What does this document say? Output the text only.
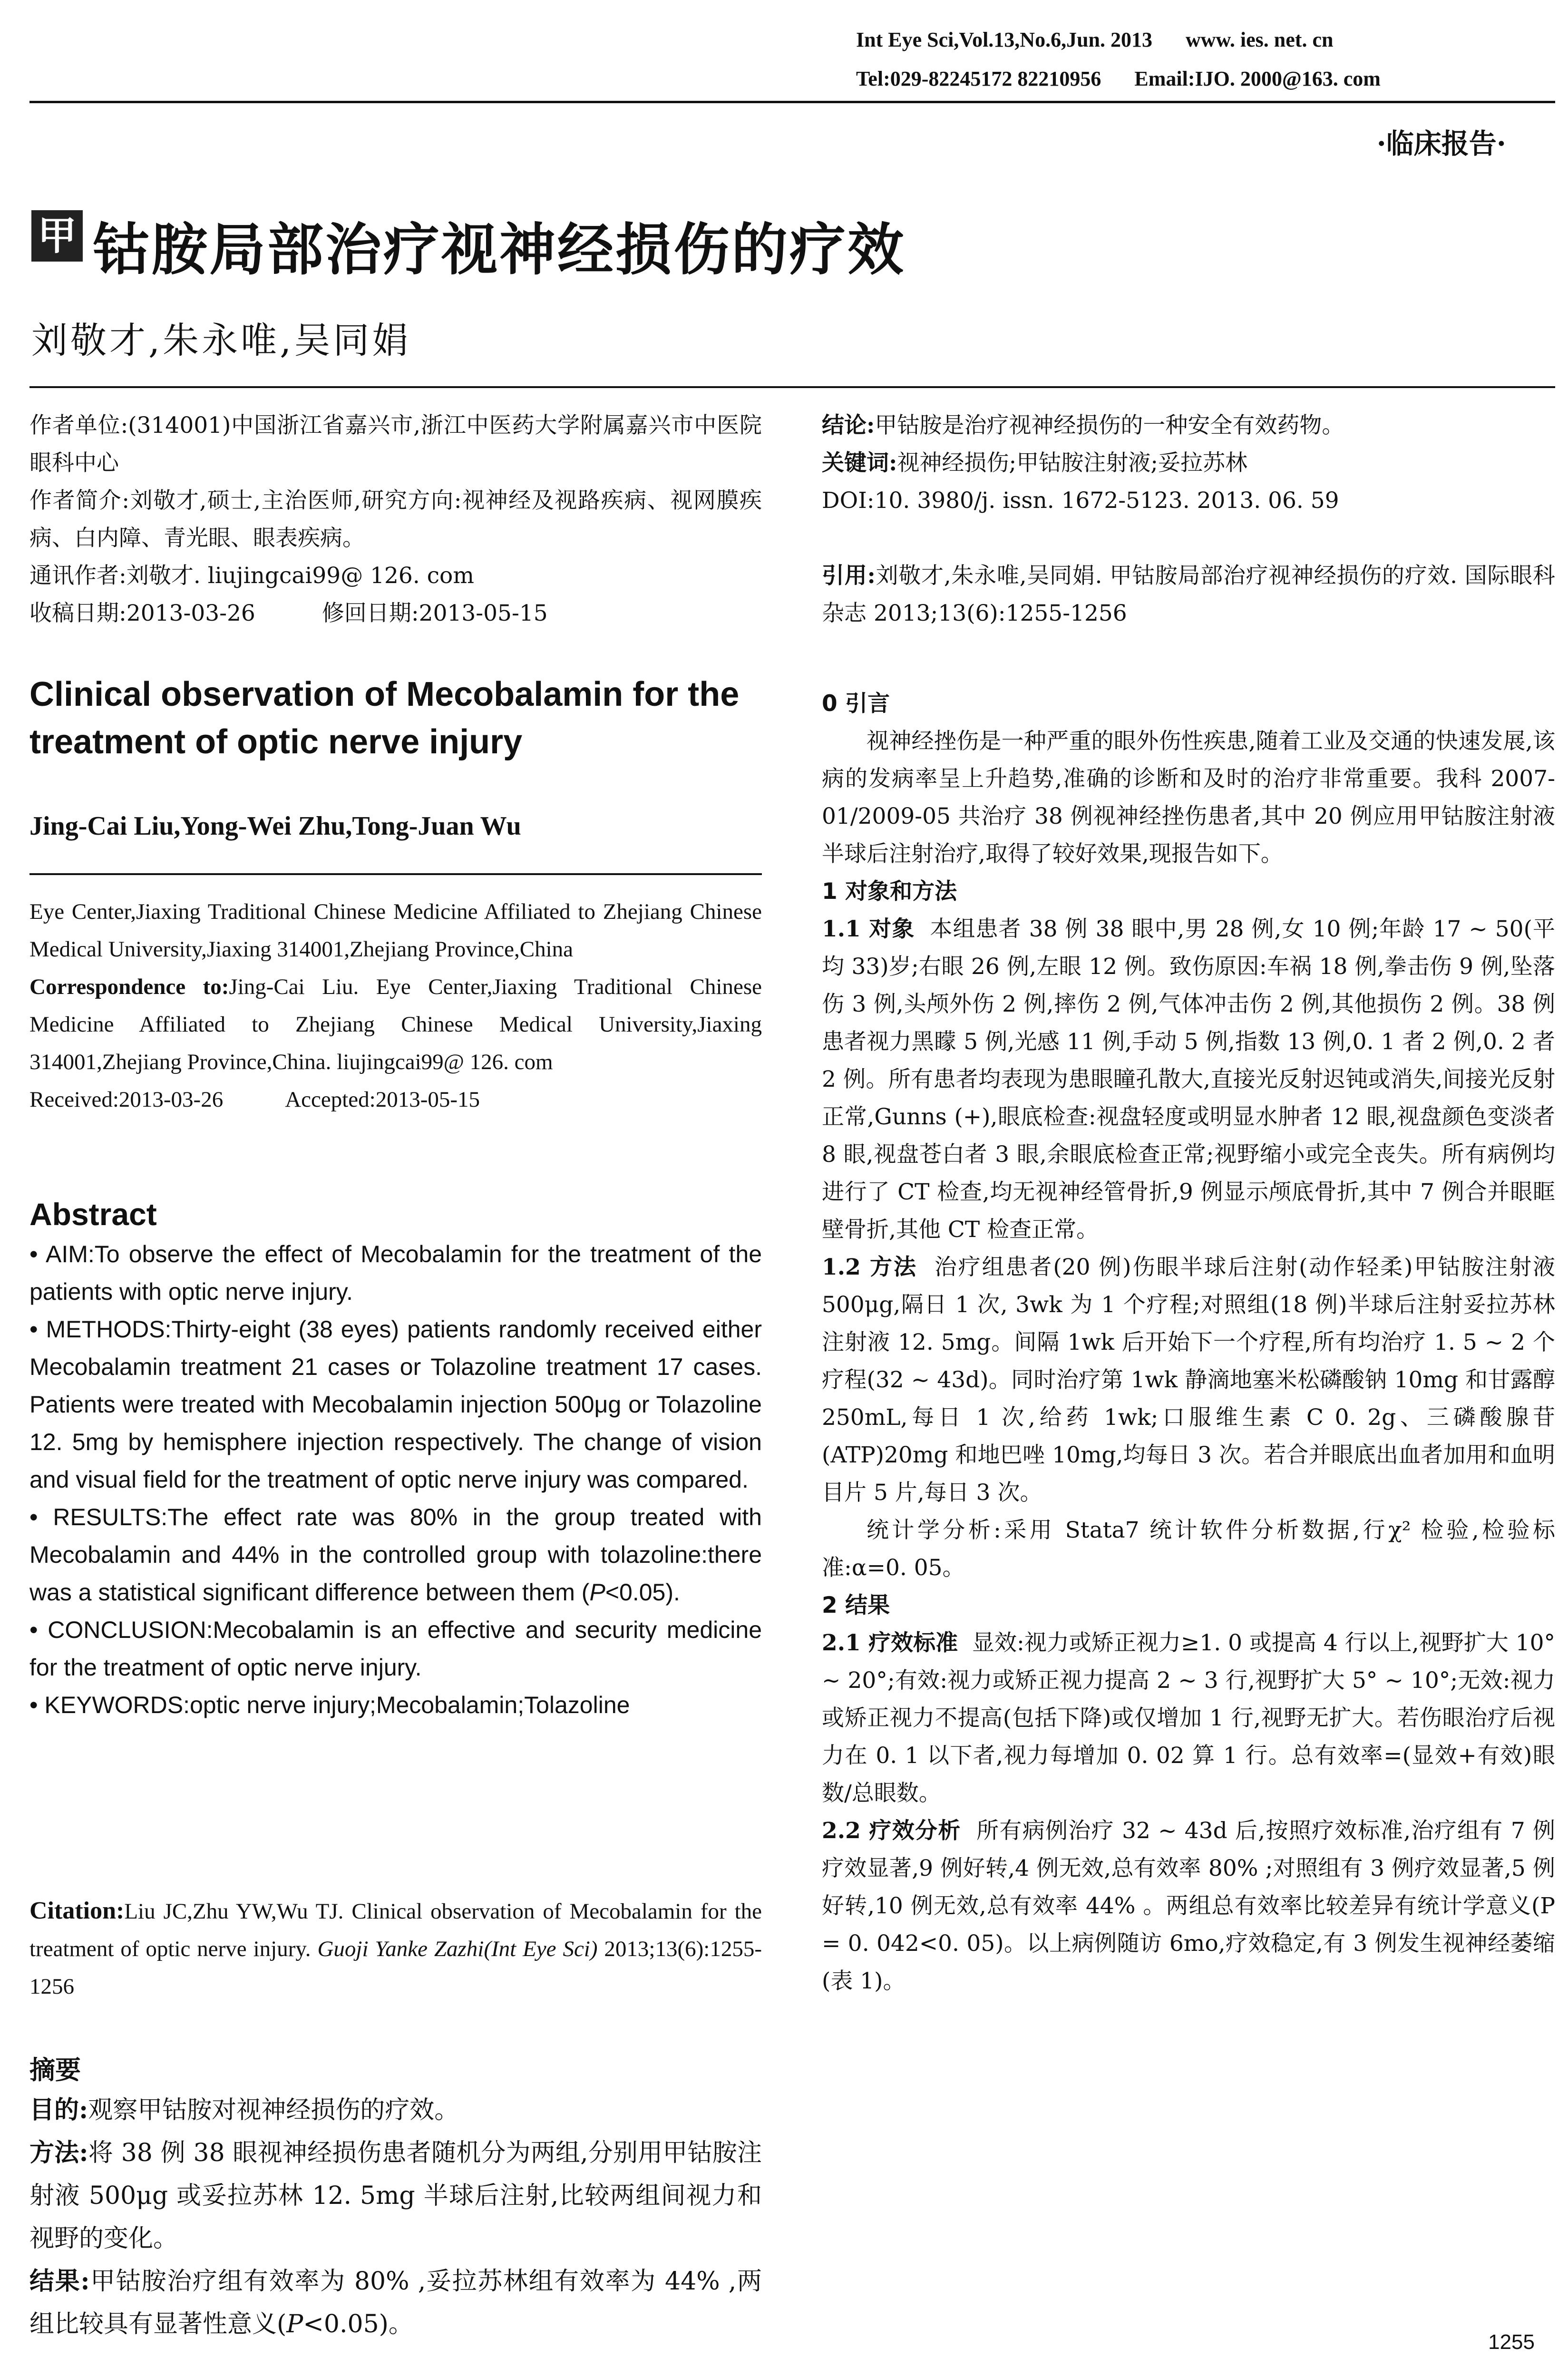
Int Eye Sci,Vol.13,No.6,Jun. 2013 www. ies. net. cn
Tel:029-82245172 82210956 Email:IJO. 2000@163. com
·临床报告·
甲 钴胺局部治疗视神经损伤的疗效
刘敬才,朱永唯,吴同娟

作者单位:(314001)中国浙江省嘉兴市,浙江中医药大学附属嘉兴市中医院眼科中心

作者简介:刘敬才,硕士,主治医师,研究方向:视神经及视路疾病、视网膜疾病、白内障、青光眼、眼表疾病。

通讯作者:刘敬才. liujingcai99@ 126. com

收稿日期:2013-03-26	修回日期:2013-05-15

Clinical observation of Mecobalamin for the treatment of optic nerve injury
Jing-Cai Liu,Yong-Wei Zhu,Tong-Juan Wu

Eye Center,Jiaxing Traditional Chinese Medicine Affiliated to Zhejiang Chinese Medical University,Jiaxing 314001,Zhejiang Province,China

Correspondence to:Jing-Cai Liu. Eye Center,Jiaxing Traditional Chinese Medicine Affiliated to Zhejiang Chinese Medical University,Jiaxing 314001,Zhejiang Province,China. liujingcai99@ 126. com

Received:2013-03-26	Accepted:2013-05-15

Abstract

• AIM:To observe the effect of Mecobalamin for the treatment of the patients with optic nerve injury.

• METHODS:Thirty-eight (38 eyes) patients randomly received either Mecobalamin treatment 21 cases or Tolazoline treatment 17 cases. Patients were treated with Mecobalamin injection 500μg or Tolazoline 12. 5mg by hemisphere injection respectively. The change of vision and visual field for the treatment of optic nerve injury was compared.

• RESULTS:The effect rate was 80% in the group treated with Mecobalamin and 44% in the controlled group with tolazoline:there was a statistical significant difference between them (P<0.05).

• CONCLUSION:Mecobalamin is an effective and security medicine for the treatment of optic nerve injury.

• KEYWORDS:optic nerve injury;Mecobalamin;Tolazoline

Citation:Liu JC,Zhu YW,Wu TJ. Clinical observation of Mecobalamin for the treatment of optic nerve injury. Guoji Yanke Zazhi(Int Eye Sci) 2013;13(6):1255-1256

摘要

目的:观察甲钴胺对视神经损伤的疗效。

方法:将 38 例 38 眼视神经损伤患者随机分为两组,分别用甲钴胺注射液 500μg 或妥拉苏林 12. 5mg 半球后注射,比较两组间视力和视野的变化。

结果:甲钴胺治疗组有效率为 80% ,妥拉苏林组有效率为 44% ,两组比较具有显著性意义(P<0.05)。

结论:甲钴胺是治疗视神经损伤的一种安全有效药物。

关键词:视神经损伤;甲钴胺注射液;妥拉苏林

DOI:10. 3980/j. issn. 1672-5123. 2013. 06. 59

引用:刘敬才,朱永唯,吴同娟. 甲钴胺局部治疗视神经损伤的疗效. 国际眼科杂志 2013;13(6):1255-1256

0 引言

视神经挫伤是一种严重的眼外伤性疾患,随着工业及交通的快速发展,该病的发病率呈上升趋势,准确的诊断和及时的治疗非常重要。我科 2007-01/2009-05 共治疗 38 例视神经挫伤患者,其中 20 例应用甲钴胺注射液半球后注射治疗,取得了较好效果,现报告如下。

1 对象和方法

1.1 对象 本组患者 38 例 38 眼中,男 28 例,女 10 例;年龄 17 ~ 50(平均 33)岁;右眼 26 例,左眼 12 例。致伤原因:车祸 18 例,拳击伤 9 例,坠落伤 3 例,头颅外伤 2 例,摔伤 2 例,气体冲击伤 2 例,其他损伤 2 例。38 例患者视力黑矇 5 例,光感 11 例,手动 5 例,指数 13 例,0. 1 者 2 例,0. 2 者 2 例。所有患者均表现为患眼瞳孔散大,直接光反射迟钝或消失,间接光反射正常,Gunns (+),眼底检查:视盘轻度或明显水肿者 12 眼,视盘颜色变淡者 8 眼,视盘苍白者 3 眼,余眼底检查正常;视野缩小或完全丧失。所有病例均进行了 CT 检查,均无视神经管骨折,9 例显示颅底骨折,其中 7 例合并眼眶壁骨折,其他 CT 检查正常。

1.2 方法 治疗组患者(20 例)伤眼半球后注射(动作轻柔)甲钴胺注射液 500μg,隔日 1 次, 3wk 为 1 个疗程;对照组(18 例)半球后注射妥拉苏林注射液 12. 5mg。间隔 1wk 后开始下一个疗程,所有均治疗 1. 5 ~ 2 个疗程(32 ~ 43d)。同时治疗第 1wk 静滴地塞米松磷酸钠 10mg 和甘露醇 250mL,每日 1 次,给药 1wk;口服维生素 C 0. 2g、三磷酸腺苷(ATP)20mg 和地巴唑 10mg,均每日 3 次。若合并眼底出血者加用和血明目片 5 片,每日 3 次。

统计学分析:采用 Stata7 统计软件分析数据,行χ² 检验,检验标准:α=0. 05。

2 结果

2.1 疗效标准 显效:视力或矫正视力≥1. 0 或提高 4 行以上,视野扩大 10° ~ 20°;有效:视力或矫正视力提高 2 ~ 3 行,视野扩大 5° ~ 10°;无效:视力或矫正视力不提高(包括下降)或仅增加 1 行,视野无扩大。若伤眼治疗后视力在 0. 1 以下者,视力每增加 0. 02 算 1 行。总有效率=(显效+有效)眼数/总眼数。

2.2 疗效分析 所有病例治疗 32 ~ 43d 后,按照疗效标准,治疗组有 7 例疗效显著,9 例好转,4 例无效,总有效率 80% ;对照组有 3 例疗效显著,5 例好转,10 例无效,总有效率 44% 。两组总有效率比较差异有统计学意义(P = 0. 042<0. 05)。以上病例随访 6mo,疗效稳定,有 3 例发生视神经萎缩(表 1)。

1255
